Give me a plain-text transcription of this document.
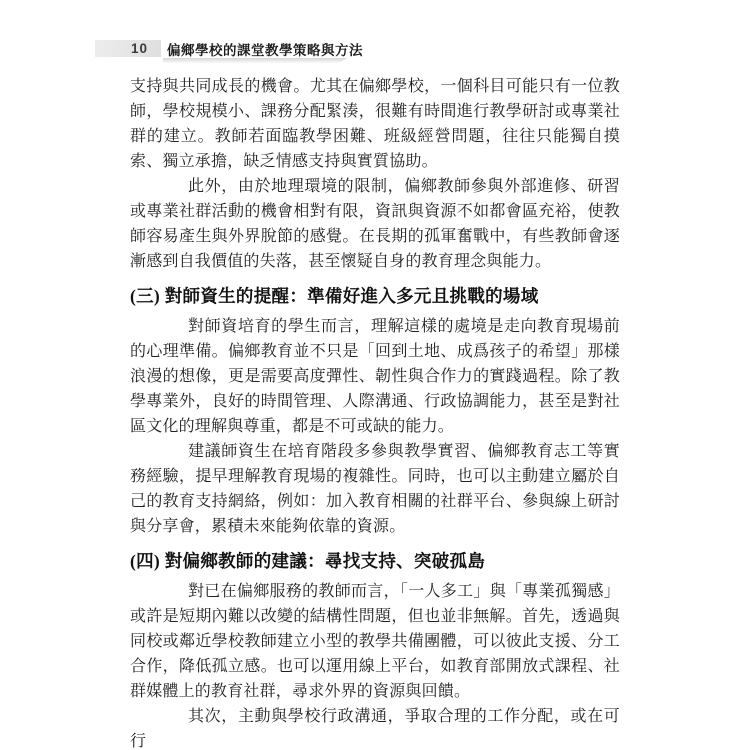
10 偏鄉學校的課堂教學策略與方法

支持與共同成長的機會。尤其在偏鄉學校，一個科目可能只有一位教師，學校規模小、課務分配緊湊，很難有時間進行教學研討或專業社群的建立。教師若面臨教學困難、班級經營問題，往往只能獨自摸索、獨立承擔，缺乏情感支持與實質協助。

此外，由於地理環境的限制，偏鄉教師參與外部進修、研習或專業社群活動的機會相對有限，資訊與資源不如都會區充裕，使教師容易產生與外界脫節的感覺。在長期的孤軍奮戰中，有些教師會逐漸感到自我價值的失落，甚至懷疑自身的教育理念與能力。

(三) 對師資生的提醒：準備好進入多元且挑戰的場域

對師資培育的學生而言，理解這樣的處境是走向教育現場前的心理準備。偏鄉教育並不只是「回到土地、成爲孩子的希望」那樣浪漫的想像，更是需要高度彈性、韌性與合作力的實踐過程。除了教學專業外，良好的時間管理、人際溝通、行政協調能力，甚至是對社區文化的理解與尊重，都是不可或缺的能力。

建議師資生在培育階段多參與教學實習、偏鄉教育志工等實務經驗，提早理解教育現場的複雜性。同時，也可以主動建立屬於自己的教育支持網絡，例如：加入教育相關的社群平台、參與線上研討與分享會，累積未來能夠依靠的資源。

(四) 對偏鄉教師的建議：尋找支持、突破孤島

對已在偏鄉服務的教師而言，「一人多工」與「專業孤獨感」或許是短期內難以改變的結構性問題，但也並非無解。首先，透過與同校或鄰近學校教師建立小型的教學共備團體，可以彼此支援、分工合作，降低孤立感。也可以運用線上平台，如教育部開放式課程、社群媒體上的教育社群，尋求外界的資源與回饋。

其次，主動與學校行政溝通，爭取合理的工作分配，或在可行
